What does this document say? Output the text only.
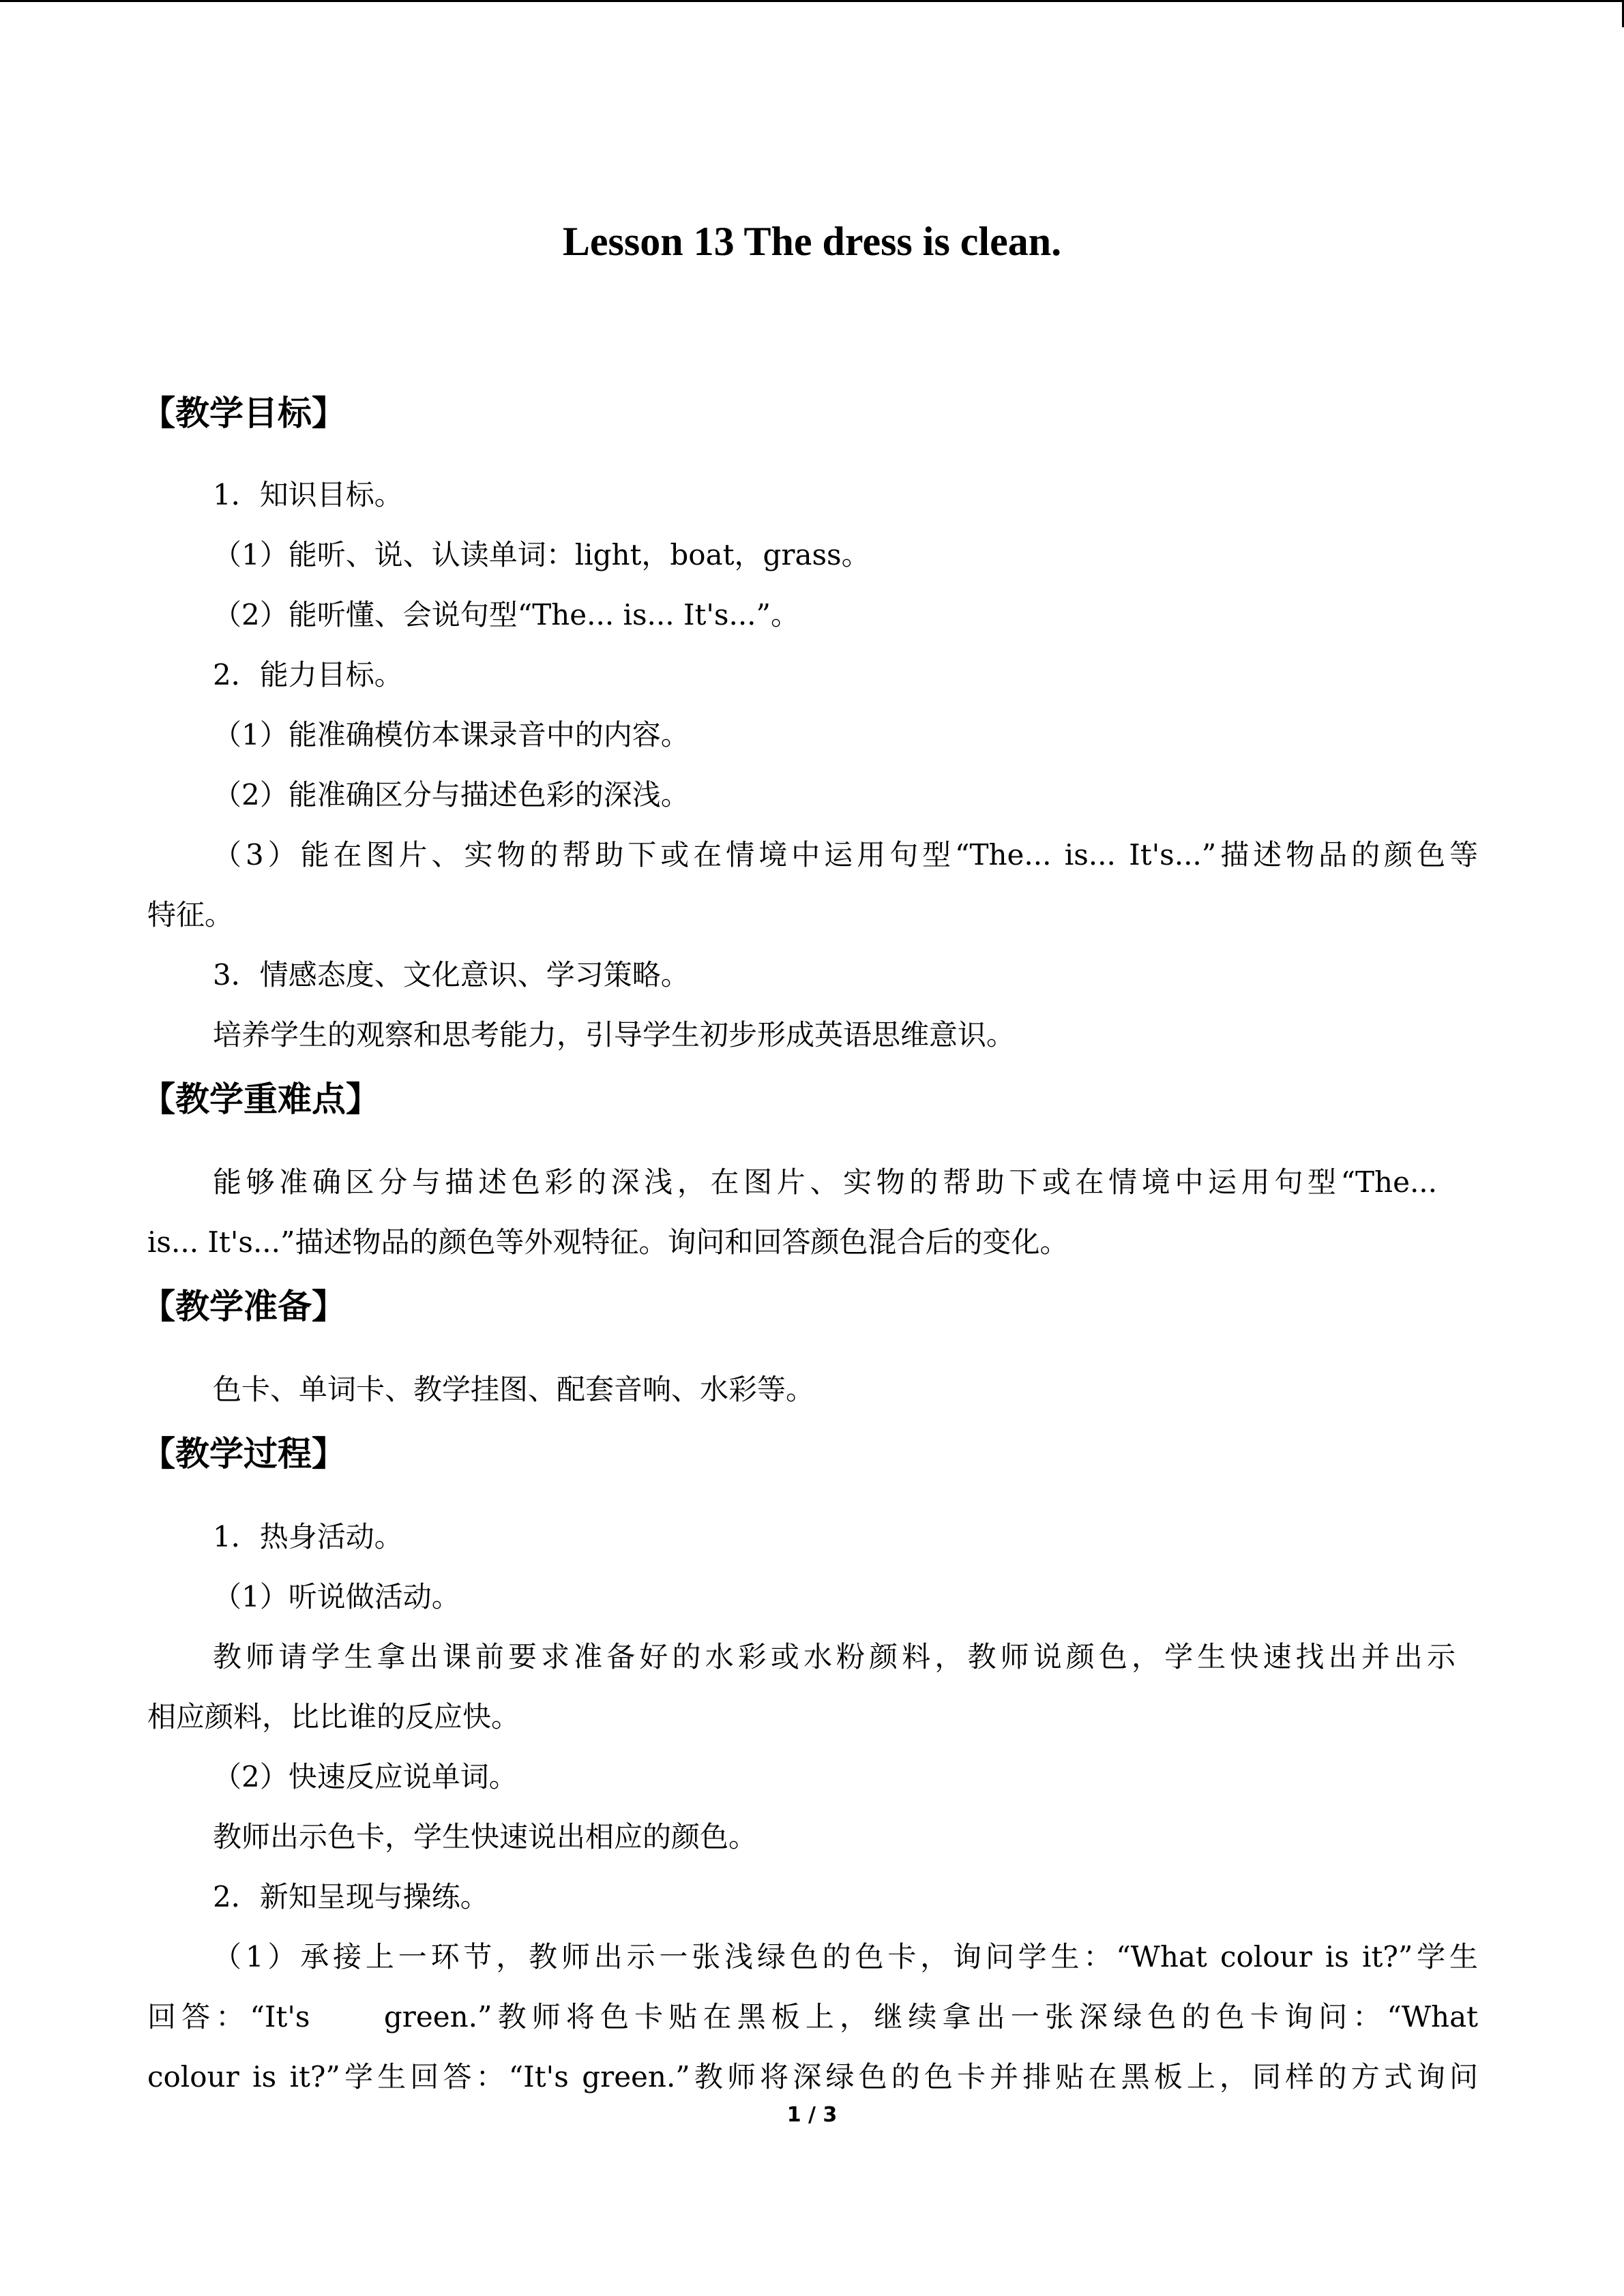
Lesson 13 The dress is clean.
【教学目标】
1．知识目标。
（1）能听、说、认读单词：light，boat，grass。
（2）能听懂、会说句型“The... is... It's...”。
2．能力目标。
（1）能准确模仿本课录音中的内容。
（2）能准确区分与描述色彩的深浅。
（3）能在图片、实物的帮助下或在情境中运用句型“The... is... It's...”描述物品的颜色等
特征。
3．情感态度、文化意识、学习策略。
培养学生的观察和思考能力，引导学生初步形成英语思维意识。
【教学重难点】
能够准确区分与描述色彩的深浅，在图片、实物的帮助下或在情境中运用句型“The...
is... It's...”描述物品的颜色等外观特征。询问和回答颜色混合后的变化。
【教学准备】
色卡、单词卡、教学挂图、配套音响、水彩等。
【教学过程】
1．热身活动。
（1）听说做活动。
教师请学生拿出课前要求准备好的水彩或水粉颜料，教师说颜色，学生快速找出并出示
相应颜料，比比谁的反应快。
（2）快速反应说单词。
教师出示色卡，学生快速说出相应的颜色。
2．新知呈现与操练。
（1）承接上一环节，教师出示一张浅绿色的色卡，询问学生：“What colour is it?”学生
回答：“It's　　green.”教师将色卡贴在黑板上，继续拿出一张深绿色的色卡询问：“What
colour is it?”学生回答：“It's green.”教师将深绿色的色卡并排贴在黑板上，同样的方式询问
1 / 3
